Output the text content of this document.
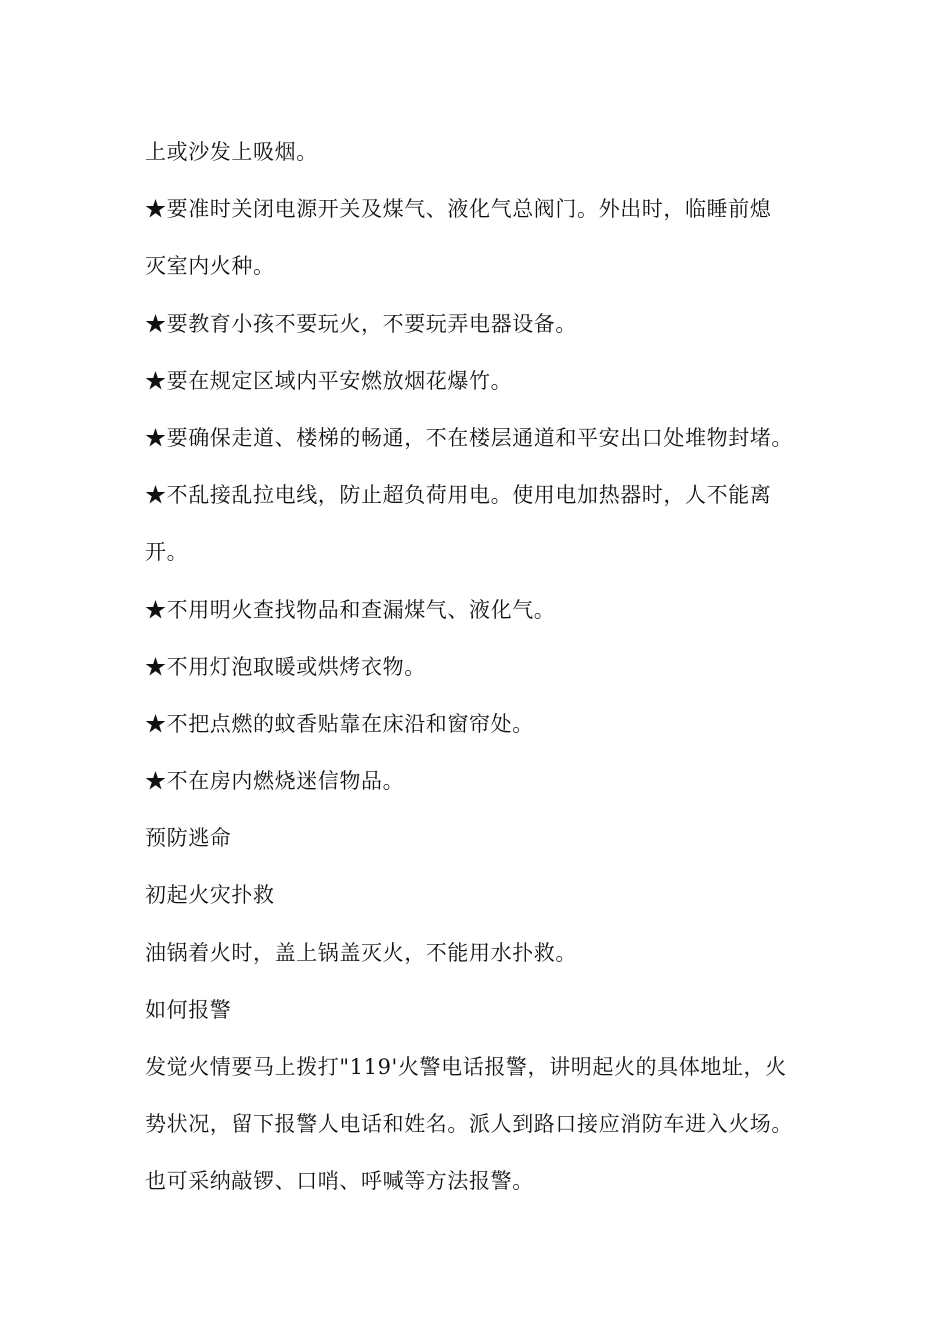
上或沙发上吸烟。
★要准时关闭电源开关及煤气、液化气总阀门。外出时，临睡前熄
灭室内火种。
★要教育小孩不要玩火，不要玩弄电器设备。
★要在规定区域内平安燃放烟花爆竹。
★要确保走道、楼梯的畅通，不在楼层通道和平安出口处堆物封堵。
★不乱接乱拉电线，防止超负荷用电。使用电加热器时，人不能离
开。
★不用明火查找物品和查漏煤气、液化气。
★不用灯泡取暖或烘烤衣物。
★不把点燃的蚊香贴靠在床沿和窗帘处。
★不在房内燃烧迷信物品。
预防逃命
初起火灾扑救
油锅着火时，盖上锅盖灭火，不能用水扑救。
如何报警
发觉火情要马上拨打"119'火警电话报警，讲明起火的具体地址，火
势状况，留下报警人电话和姓名。派人到路口接应消防车进入火场。
也可采纳敲锣、口哨、呼喊等方法报警。
